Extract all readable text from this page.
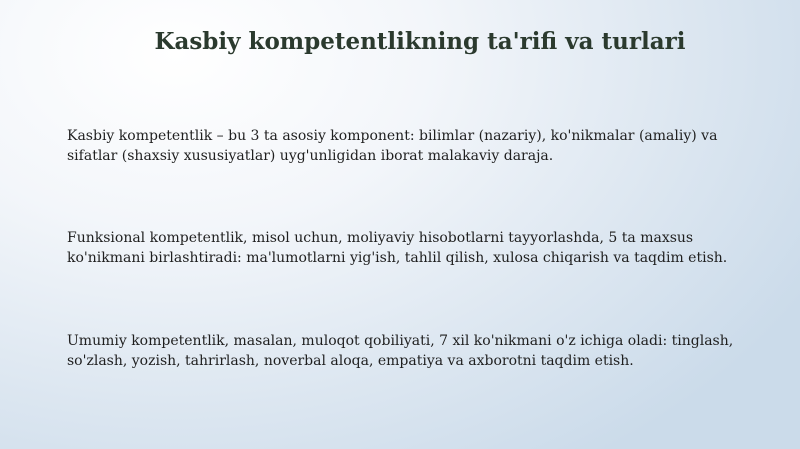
Kasbiy kompetentlikning ta'rifi va turlari
Kasbiy kompetentlik – bu 3 ta asosiy komponent: bilimlar (nazariy), ko'nikmalar (amaliy) va
sifatlar (shaxsiy xususiyatlar) uyg'unligidan iborat malakaviy daraja.
Funksional kompetentlik, misol uchun, moliyaviy hisobotlarni tayyorlashda, 5 ta maxsus
ko'nikmani birlashtiradi: ma'lumotlarni yig'ish, tahlil qilish, xulosa chiqarish va taqdim etish.
Umumiy kompetentlik, masalan, muloqot qobiliyati, 7 xil ko'nikmani o'z ichiga oladi: tinglash,
so'zlash, yozish, tahrirlash, noverbal aloqa, empatiya va axborotni taqdim etish.
